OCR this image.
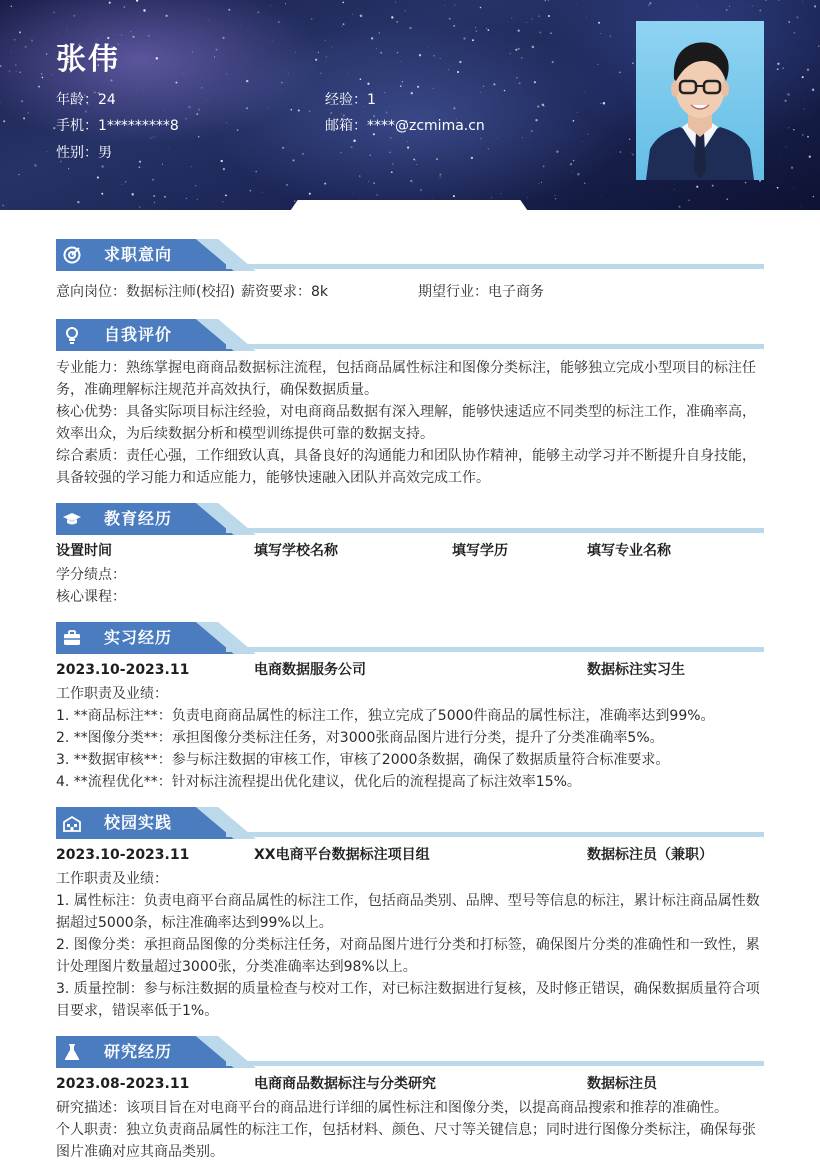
张伟
年龄：24	经验：1
手机：1*********8	邮箱：****@zcmima.cn
性别：男
求职意向
意向岗位：数据标注师(校招) 薪资要求：8k	期望行业：电子商务
自我评价
专业能力：熟练掌握电商商品数据标注流程，包括商品属性标注和图像分类标注，能够独立完成小型项目的标注任务，准确理解标注规范并高效执行，确保数据质量。
核心优势：具备实际项目标注经验，对电商商品数据有深入理解，能够快速适应不同类型的标注工作，准确率高，效率出众，为后续数据分析和模型训练提供可靠的数据支持。
综合素质：责任心强，工作细致认真，具备良好的沟通能力和团队协作精神，能够主动学习并不断提升自身技能，具备较强的学习能力和适应能力，能够快速融入团队并高效完成工作。
教育经历
设置时间	填写学校名称	填写学历	填写专业名称
学分绩点：
核心课程：
实习经历
2023.10-2023.11	电商数据服务公司	数据标注实习生
工作职责及业绩：
1. **商品标注**：负责电商商品属性的标注工作，独立完成了5000件商品的属性标注，准确率达到99%。
2. **图像分类**：承担图像分类标注任务，对3000张商品图片进行分类，提升了分类准确率5%。
3. **数据审核**：参与标注数据的审核工作，审核了2000条数据，确保了数据质量符合标准要求。
4. **流程优化**：针对标注流程提出优化建议，优化后的流程提高了标注效率15%。
校园实践
2023.10-2023.11	XX电商平台数据标注项目组	数据标注员（兼职）
工作职责及业绩：
1. 属性标注：负责电商平台商品属性的标注工作，包括商品类别、品牌、型号等信息的标注，累计标注商品属性数据超过5000条，标注准确率达到99%以上。
2. 图像分类：承担商品图像的分类标注任务，对商品图片进行分类和打标签，确保图片分类的准确性和一致性，累计处理图片数量超过3000张，分类准确率达到98%以上。
3. 质量控制：参与标注数据的质量检查与校对工作，对已标注数据进行复核，及时修正错误，确保数据质量符合项目要求，错误率低于1%。
研究经历
2023.08-2023.11	电商商品数据标注与分类研究	数据标注员
研究描述：该项目旨在对电商平台的商品进行详细的属性标注和图像分类，以提高商品搜索和推荐的准确性。
个人职责：独立负责商品属性的标注工作，包括材料、颜色、尺寸等关键信息；同时进行图像分类标注，确保每张图片准确对应其商品类别。
